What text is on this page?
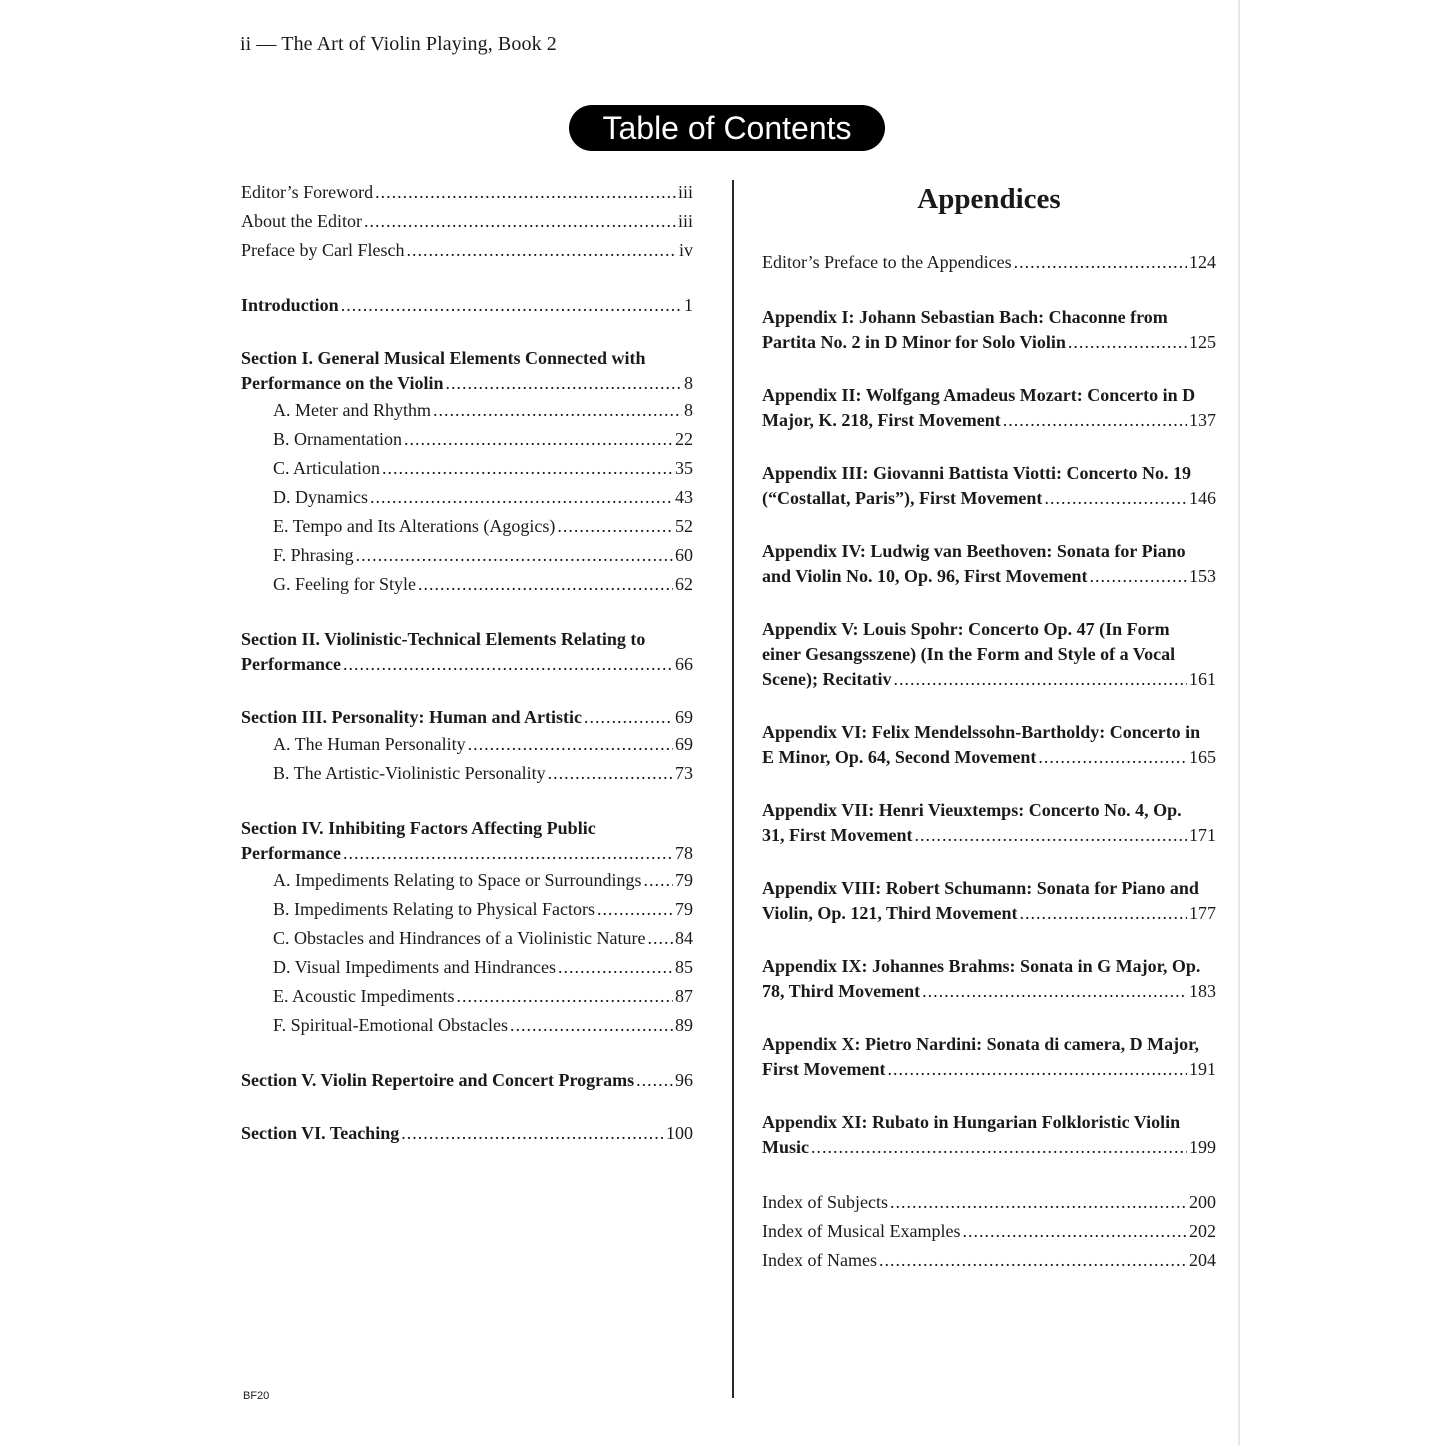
ii — The Art of Violin Playing, Book 2
Table of Contents
Editor’s Foreword .....	iii
About the Editor .....	iii
Preface by Carl Flesch .....	iv
Introduction .....	1
Section I. General Musical Elements Connected with
Performance on the Violin .....	8
A. Meter and Rhythm .....	8
B. Ornamentation .....	22
C. Articulation .....	35
D. Dynamics .....	43
E. Tempo and Its Alterations (Agogics) .....	52
F. Phrasing .....	60
G. Feeling for Style .....	62
Section II. Violinistic-Technical Elements Relating to
Performance .....	66
Section III. Personality: Human and Artistic .....	69
A. The Human Personality .....	69
B. The Artistic-Violinistic Personality .....	73
Section IV. Inhibiting Factors Affecting Public
Performance .....	78
A. Impediments Relating to Space or Surroundings ..... 79
B. Impediments Relating to Physical Factors .....	79
C. Obstacles and Hindrances of a Violinistic Nature ..... 84
D. Visual Impediments and Hindrances .....	85
E. Acoustic Impediments .....	87
F. Spiritual-Emotional Obstacles .....	89
Section V. Violin Repertoire and Concert Programs ..... 96
Section VI. Teaching .....	100
Appendices
Editor’s Preface to the Appendices .....	124
Appendix I: Johann Sebastian Bach: Chaconne from
Partita No. 2 in D Minor for Solo Violin .....	125
Appendix II: Wolfgang Amadeus Mozart: Concerto in D
Major, K. 218, First Movement .....	137
Appendix III: Giovanni Battista Viotti: Concerto No. 19
(“Costallat, Paris”), First Movement .....	146
Appendix IV: Ludwig van Beethoven: Sonata for Piano
and Violin No. 10, Op. 96, First Movement .....	153
Appendix V: Louis Spohr: Concerto Op. 47 (In Form
einer Gesangsszene) (In the Form and Style of a Vocal
Scene); Recitativ .....	161
Appendix VI: Felix Mendelssohn-Bartholdy: Concerto in
E Minor, Op. 64, Second Movement .....	165
Appendix VII: Henri Vieuxtemps: Concerto No. 4, Op.
31, First Movement .....	171
Appendix VIII: Robert Schumann: Sonata for Piano and
Violin, Op. 121, Third Movement .....	177
Appendix IX: Johannes Brahms: Sonata in G Major, Op.
78, Third Movement .....	183
Appendix X: Pietro Nardini: Sonata di camera, D Major,
First Movement .....	191
Appendix XI: Rubato in Hungarian Folkloristic Violin
Music .....	199
Index of Subjects .....	200
Index of Musical Examples .....	202
Index of Names .....	204
BF20
